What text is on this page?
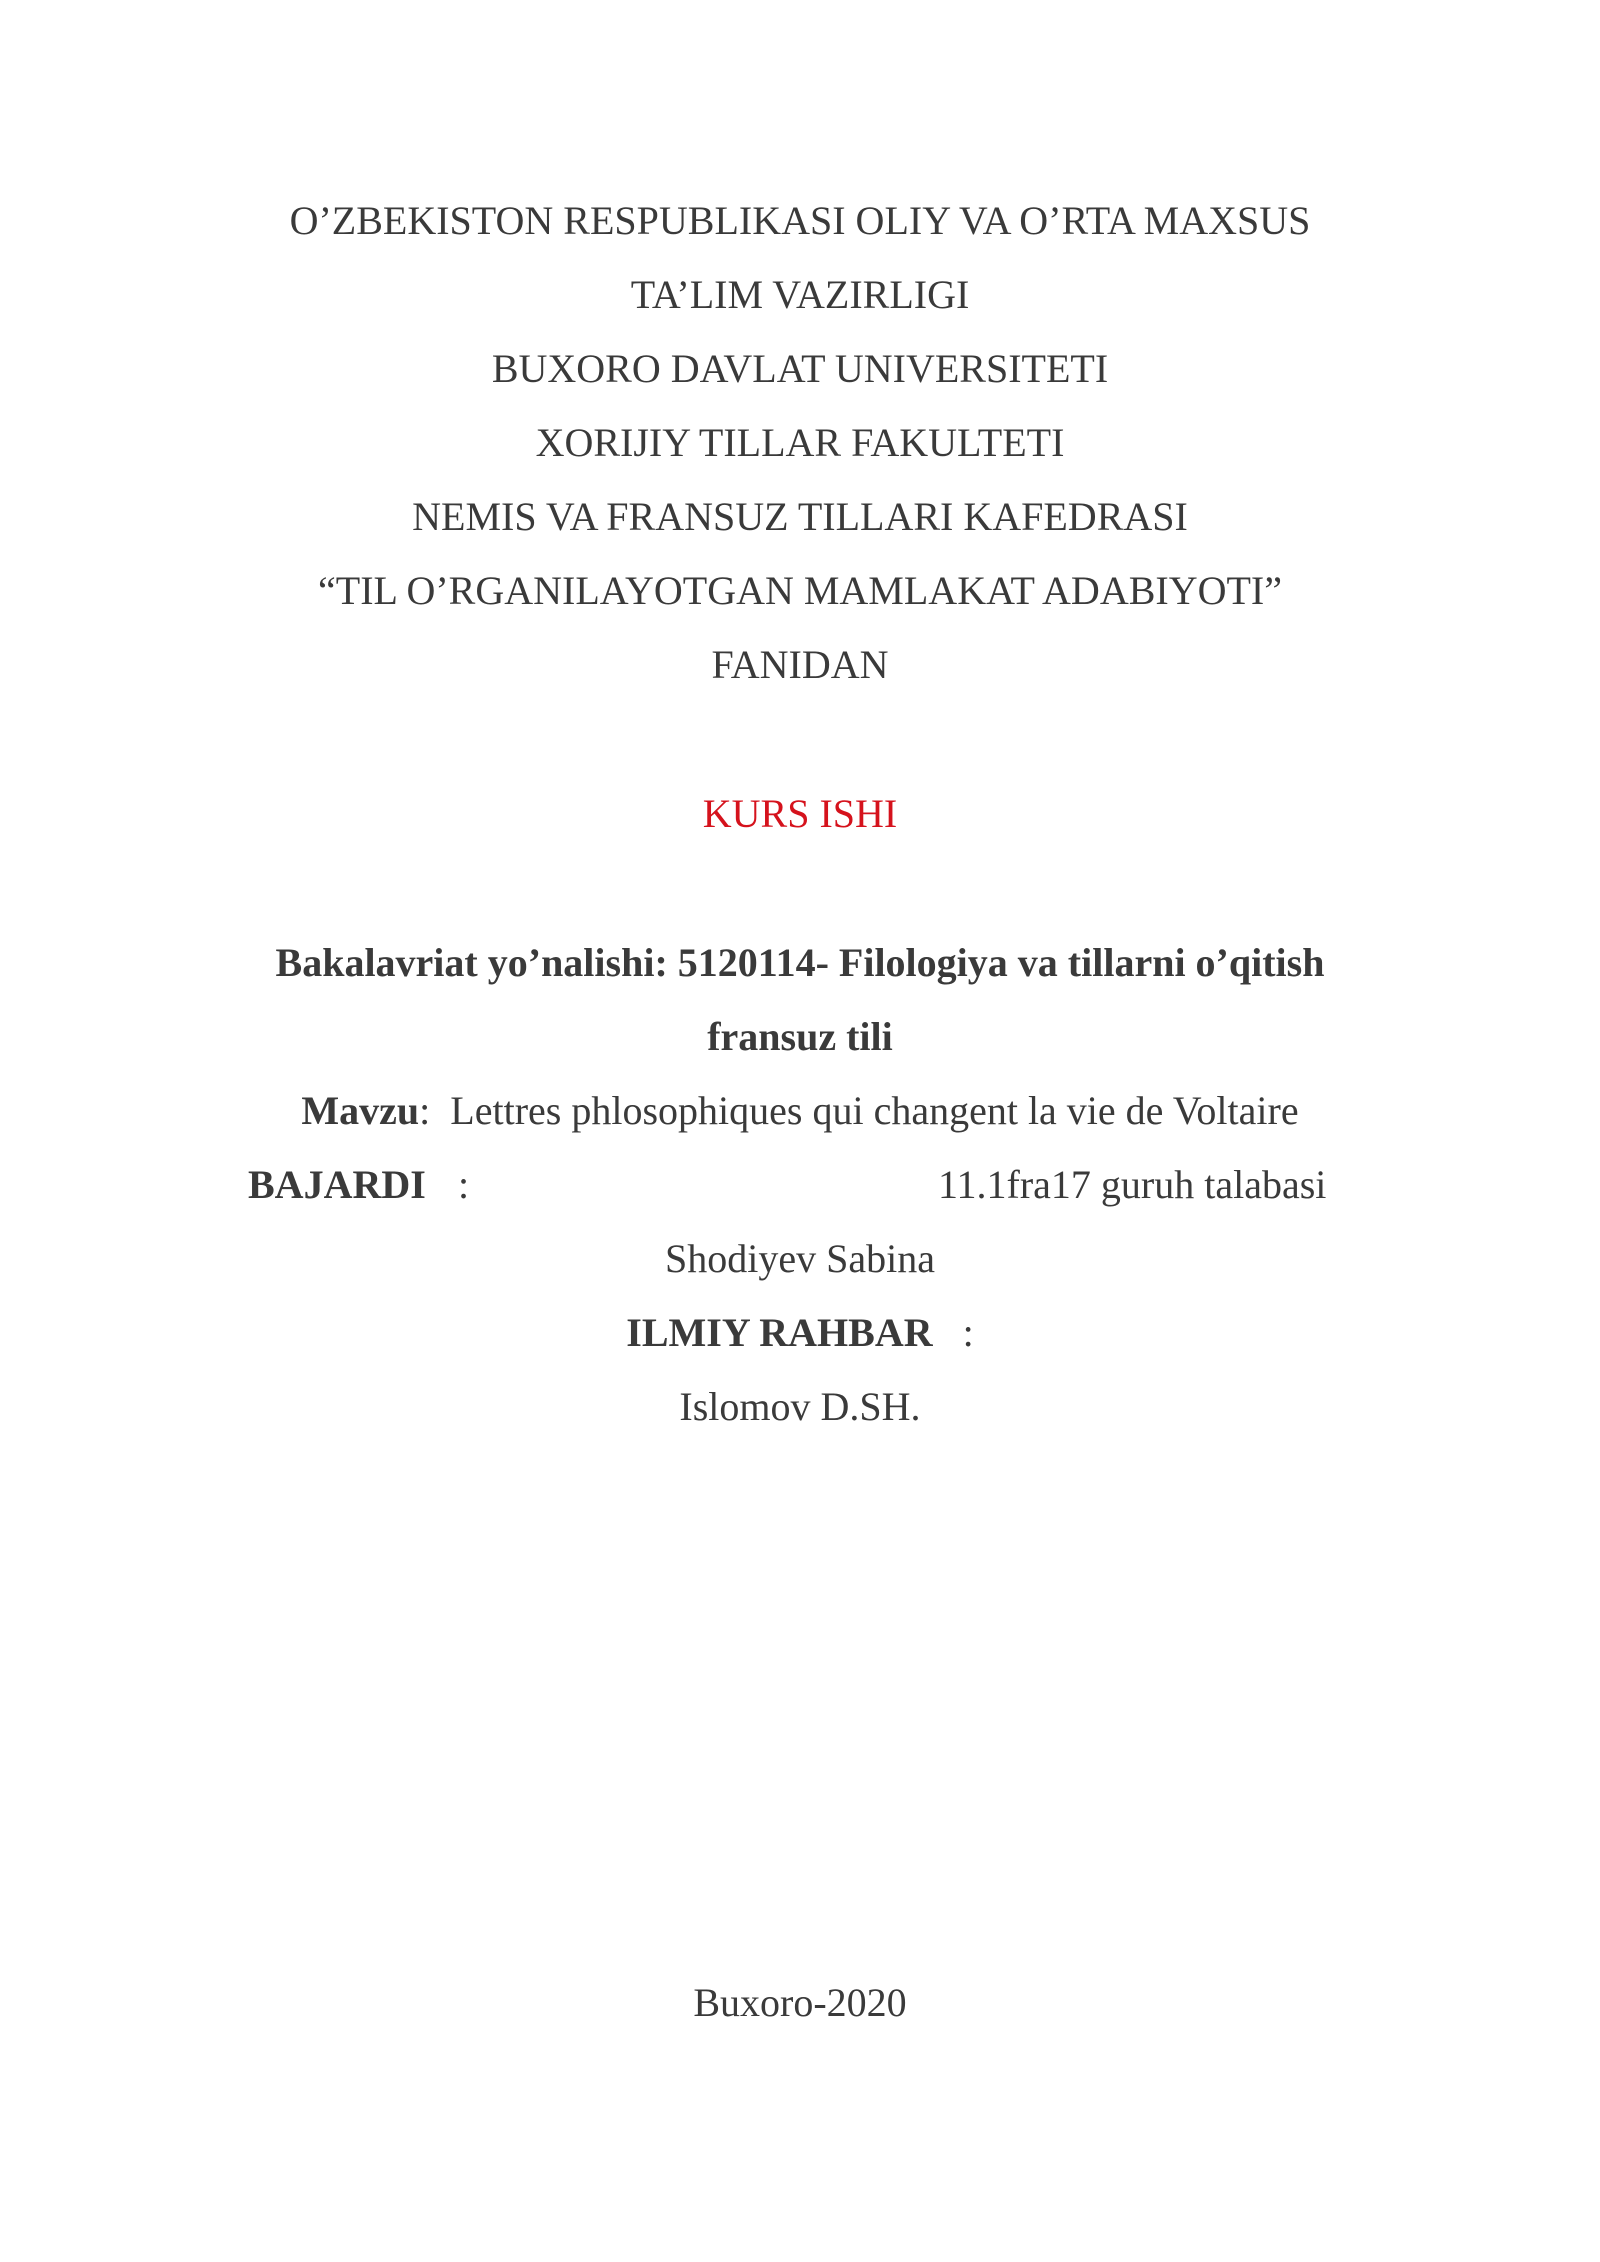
O’ZBEKISTON RESPUBLIKASI OLIY VA O’RTA MAXSUS
TA’LIM VAZIRLIGI
BUXORO DAVLAT UNIVERSITETI
XORIJIY TILLAR FAKULTETI
NEMIS VA FRANSUZ TILLARI KAFEDRASI
“TIL O’RGANILAYOTGAN MAMLAKAT ADABIYOTI”
FANIDAN
KURS ISHI
Bakalavriat yo’nalishi: 5120114- Filologiya va tillarni o’qitish
fransuz tili
Mavzu: Lettres phlosophiques qui changent la vie de Voltaire
BAJARDI :	11.1fra17 guruh talabasi
Shodiyev Sabina
ILMIY RAHBAR :
Islomov D.SH.
Buxoro-2020
